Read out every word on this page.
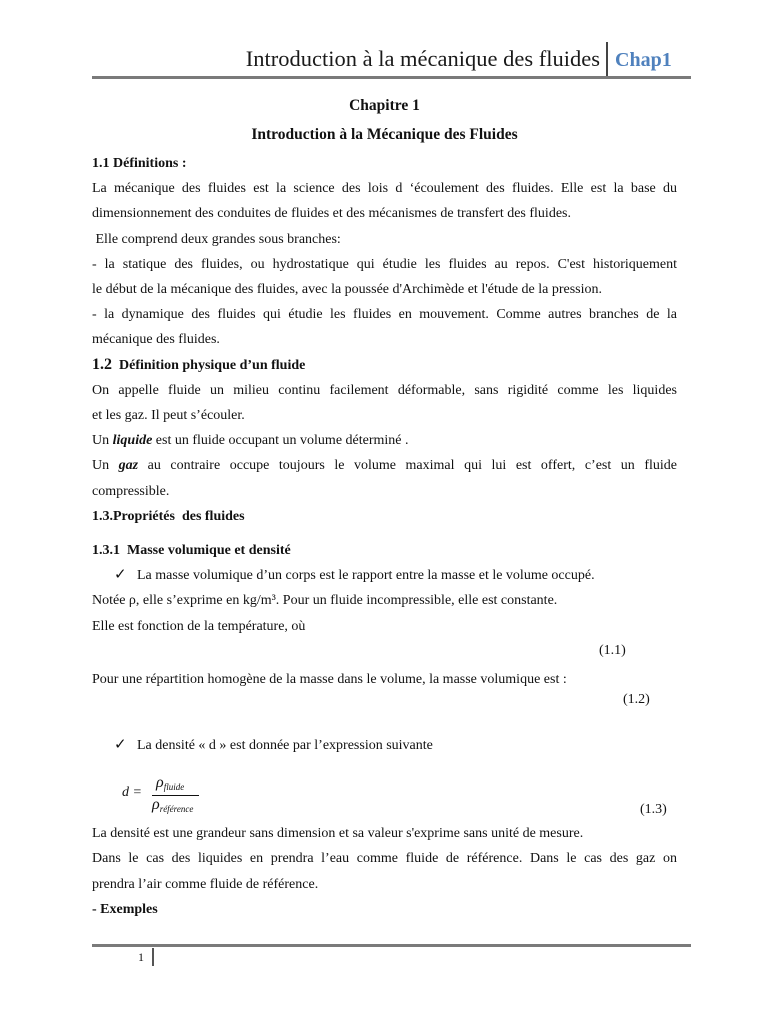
Introduction à la mécanique des fluides Chap1
Chapitre 1
Introduction à la Mécanique des Fluides
1.1 Définitions :
La mécanique des fluides est la science des lois d ‘écoulement des fluides. Elle est la base du
dimensionnement des conduites de fluides et des mécanismes de transfert des fluides.
Elle comprend deux grandes sous branches:
- la statique des fluides, ou hydrostatique qui étudie les fluides au repos. C'est historiquement
le début de la mécanique des fluides, avec la poussée d'Archimède et l'étude de la pression.
- la dynamique des fluides qui étudie les fluides en mouvement. Comme autres branches de la
mécanique des fluides.
1.2 Définition physique d’un fluide
On appelle fluide un milieu continu facilement déformable, sans rigidité comme les liquides
et les gaz. Il peut s’écouler.
Un liquide est un fluide occupant un volume déterminé .
Un gaz au contraire occupe toujours le volume maximal qui lui est offert, c’est un fluide
compressible.
1.3.Propriétés  des fluides
1.3.1  Masse volumique et densité
✓ La masse volumique d’un corps est le rapport entre la masse et le volume occupé.
Notée ρ, elle s’exprime en kg/m³. Pour un fluide incompressible, elle est constante.
Elle est fonction de la température, où
(1.1)
Pour une répartition homogène de la masse dans le volume, la masse volumique est :
(1.2)
✓ La densité « d » est donnée par l’expression suivante
d =
$\rho_{fluide}$
$\rho_{référence}$	(1.3)
La densité est une grandeur sans dimension et sa valeur s'exprime sans unité de mesure.
Dans le cas des liquides en prendra l’eau comme fluide de référence. Dans le cas des gaz on
prendra l’air comme fluide de référence.
- Exemples
1
